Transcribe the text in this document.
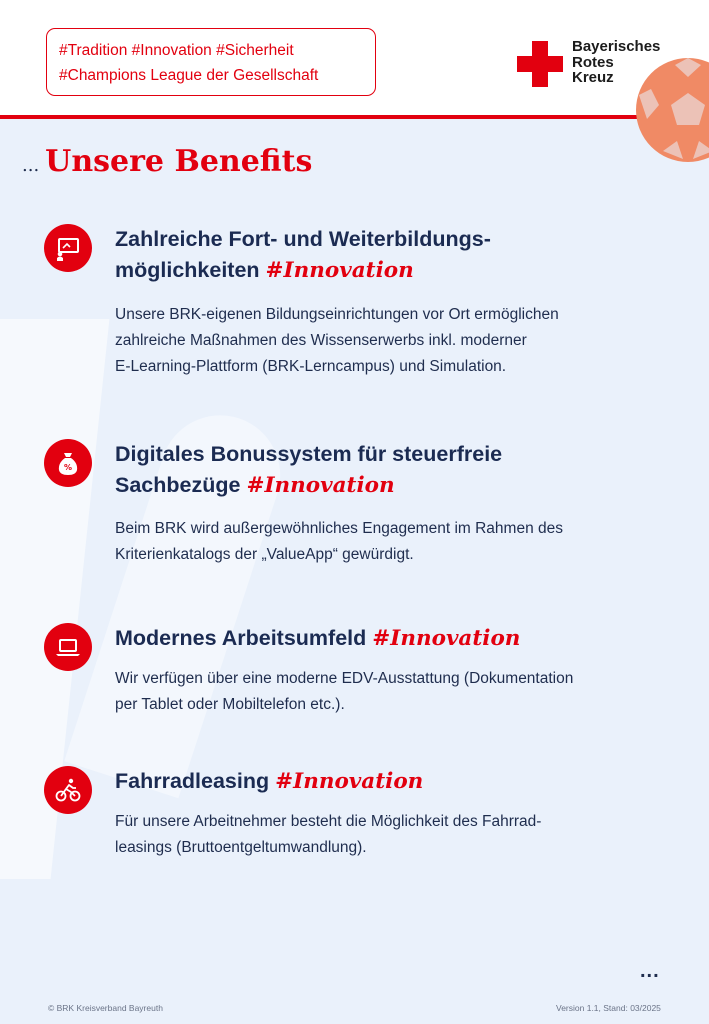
#Tradition #Innovation #Sicherheit
#Champions League der Gesellschaft
Bayerisches
Rotes
Kreuz
... Unsere Benefits
Zahlreiche Fort- und Weiterbildungs-
möglichkeiten #Innovation

Unsere BRK-eigenen Bildungseinrichtungen vor Ort ermöglichen
zahlreiche Maßnahmen des Wissenserwerbs inkl. moderner
E-Learning-Plattform (BRK-Lerncampus) und Simulation.

%
Digitales Bonussystem für steuerfreie
Sachbezüge #Innovation

Beim BRK wird außergewöhnliches Engagement im Rahmen des
Kriterienkatalogs der „ValueApp“ gewürdigt.

Modernes Arbeitsumfeld #Innovation

Wir verfügen über eine moderne EDV-Ausstattung (Dokumentation
per Tablet oder Mobiltelefon etc.).

Fahrradleasing #Innovation

Für unsere Arbeitnehmer besteht die Möglichkeit des Fahrrad-
leasings (Bruttoentgeltumwandlung).

...
© BRK Kreisverband Bayreuth	Version 1.1, Stand: 03/2025
